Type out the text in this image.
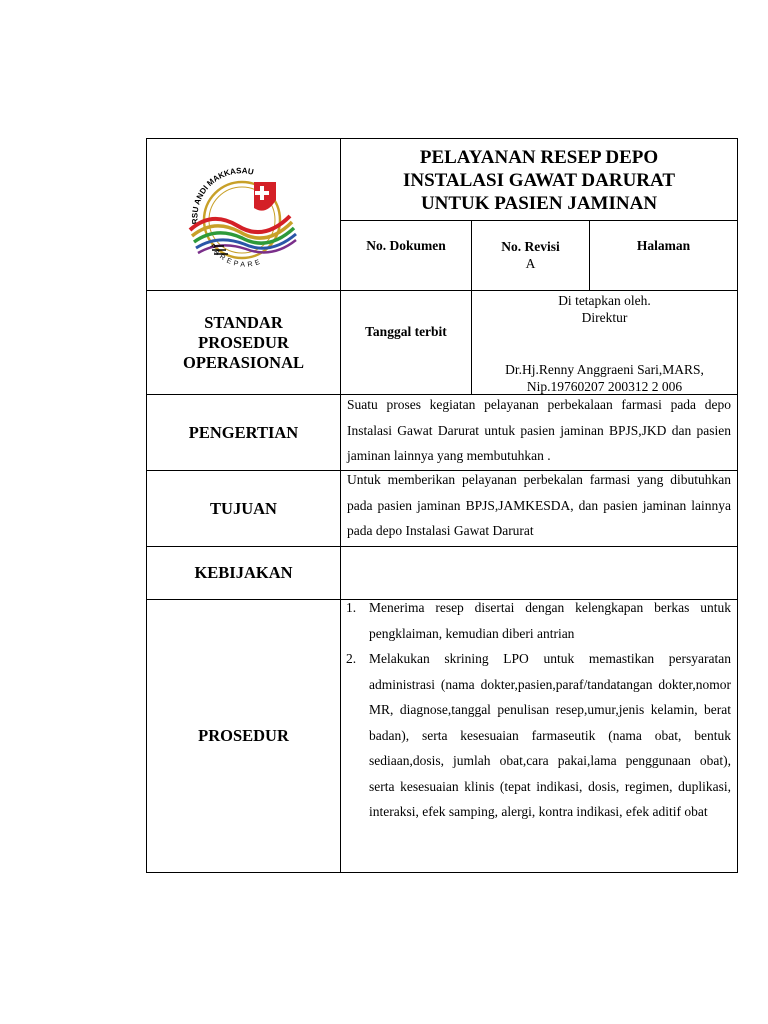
RSU ANDI MAKKASAU
PAREPARE
PELAYANAN RESEP DEPO
INSTALASI GAWAT DARURAT
UNTUK PASIEN JAMINAN
No. Dokumen	No. Revisi
A
Halaman
STANDAR
PROSEDUR
OPERASIONAL
Tanggal terbit
Di tetapkan oleh.
Direktur
Dr.Hj.Renny Anggraeni Sari,MARS,
Nip.19760207 200312 2 006
PENGERTIAN
Suatu proses kegiatan pelayanan perbekalaan farmasi pada depo Instalasi Gawat Darurat untuk pasien jaminan BPJS,JKD dan pasien jaminan lainnya yang membutuhkan .
TUJUAN
Untuk memberikan pelayanan perbekalan farmasi yang dibutuhkan pada pasien jaminan BPJS,JAMKESDA, dan pasien jaminan lainnya pada depo Instalasi Gawat Darurat
KEBIJAKAN
PROSEDUR
1. Menerima resep disertai dengan kelengkapan berkas untuk pengklaiman, kemudian diberi antrian
2. Melakukan skrining LPO untuk memastikan persyaratan administrasi (nama dokter,pasien,paraf/tandatangan dokter,nomor MR, diagnose,tanggal penulisan resep,umur,jenis kelamin, berat badan), serta kesesuaian farmaseutik (nama obat, bentuk sediaan,dosis, jumlah obat,cara pakai,lama penggunaan obat), serta kesesuaian klinis (tepat indikasi, dosis, regimen, duplikasi, interaksi, efek samping, alergi, kontra indikasi, efek aditif obat
